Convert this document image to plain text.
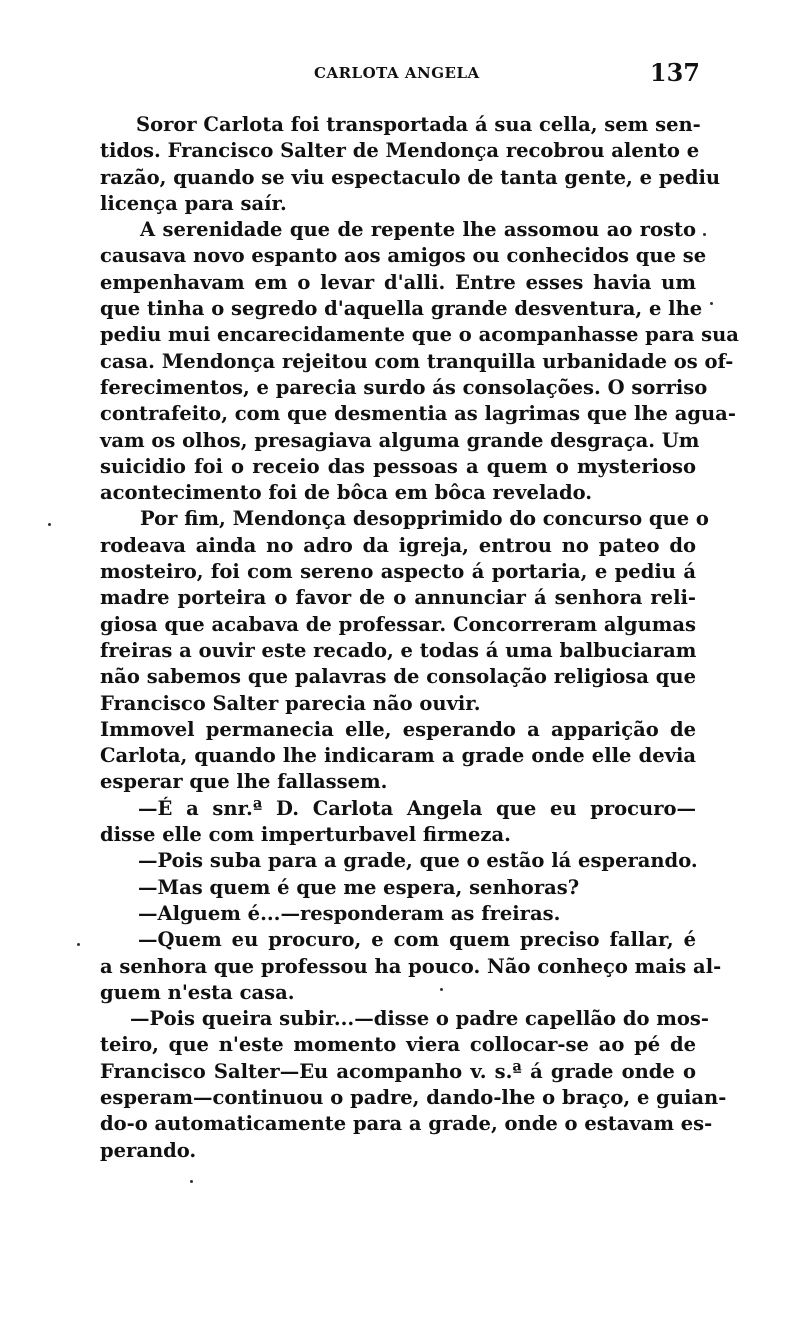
CARLOTA ANGELA	137
Soror Carlota foi transportada á sua cella, sem sen-
tidos. Francisco Salter de Mendonça recobrou alento e
razão, quando se viu espectaculo de tanta gente, e pediu
licença para saír.
A serenidade que de repente lhe assomou ao rosto
causava novo espanto aos amigos ou conhecidos que se
empenhavam em o levar d'alli. Entre esses havia um
que tinha o segredo d'aquella grande desventura, e lhe
pediu mui encarecidamente que o acompanhasse para sua
casa. Mendonça rejeitou com tranquilla urbanidade os of-
ferecimentos, e parecia surdo ás consolações. O sorriso
contrafeito, com que desmentia as lagrimas que lhe agua-
vam os olhos, presagiava alguma grande desgraça. Um
suicidio foi o receio das pessoas a quem o mysterioso
acontecimento foi de bôca em bôca revelado.
Por fim, Mendonça desopprimido do concurso que o
rodeava ainda no adro da igreja, entrou no pateo do
mosteiro, foi com sereno aspecto á portaria, e pediu á
madre porteira o favor de o annunciar á senhora reli-
giosa que acabava de professar. Concorreram algumas
freiras a ouvir este recado, e todas á uma balbuciaram
não sabemos que palavras de consolação religiosa que
Francisco Salter parecia não ouvir.
Immovel permanecia elle, esperando a apparição de
Carlota, quando lhe indicaram a grade onde elle devia
esperar que lhe fallassem.
—É a snr.ª D. Carlota Angela que eu procuro—
disse elle com imperturbavel firmeza.
—Pois suba para a grade, que o estão lá esperando.
—Mas quem é que me espera, senhoras?
—Alguem é...—responderam as freiras.
—Quem eu procuro, e com quem preciso fallar, é
a senhora que professou ha pouco. Não conheço mais al-
guem n'esta casa.
—Pois queira subir...—disse o padre capellão do mos-
teiro, que n'este momento viera collocar-se ao pé de
Francisco Salter—Eu acompanho v. s.ª á grade onde o
esperam—continuou o padre, dando-lhe o braço, e guian-
do-o automaticamente para a grade, onde o estavam es-
perando.
